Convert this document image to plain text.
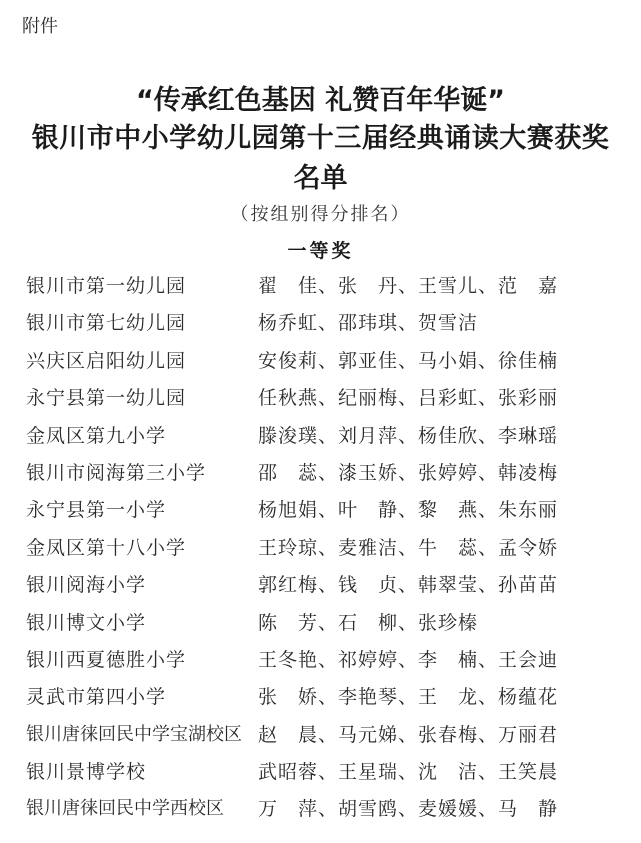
附件
“传承红色基因 礼赞百年华诞”
银川市中小学幼儿园第十三届经典诵读大赛获奖
名单
（按组别得分排名）
一等奖
银川市第一幼儿园	翟　佳、张　丹、王雪儿、范　嘉
银川市第七幼儿园	杨乔虹、邵玮琪、贺雪洁
兴庆区启阳幼儿园	安俊莉、郭亚佳、马小娟、徐佳楠
永宁县第一幼儿园	任秋燕、纪丽梅、吕彩虹、张彩丽
金凤区第九小学	滕浚璞、刘月萍、杨佳欣、李琳瑶
银川市阅海第三小学	邵　蕊、漆玉娇、张婷婷、韩凌梅
永宁县第一小学	杨旭娟、叶　静、黎　燕、朱东丽
金凤区第十八小学	王玲琼、麦雅洁、牛　蕊、孟令娇
银川阅海小学	郭红梅、钱　贞、韩翠莹、孙苗苗
银川博文小学	陈　芳、石　柳、张珍榛
银川西夏德胜小学	王冬艳、祁婷婷、李　楠、王会迪
灵武市第四小学	张　娇、李艳琴、王　龙、杨蕴花
银川唐徕回民中学宝湖校区 赵　晨、马元娣、张春梅、万丽君
银川景博学校	武昭蓉、王星瑞、沈　洁、王笑晨
银川唐徕回民中学西校区 万　萍、胡雪鸥、麦媛媛、马　静
